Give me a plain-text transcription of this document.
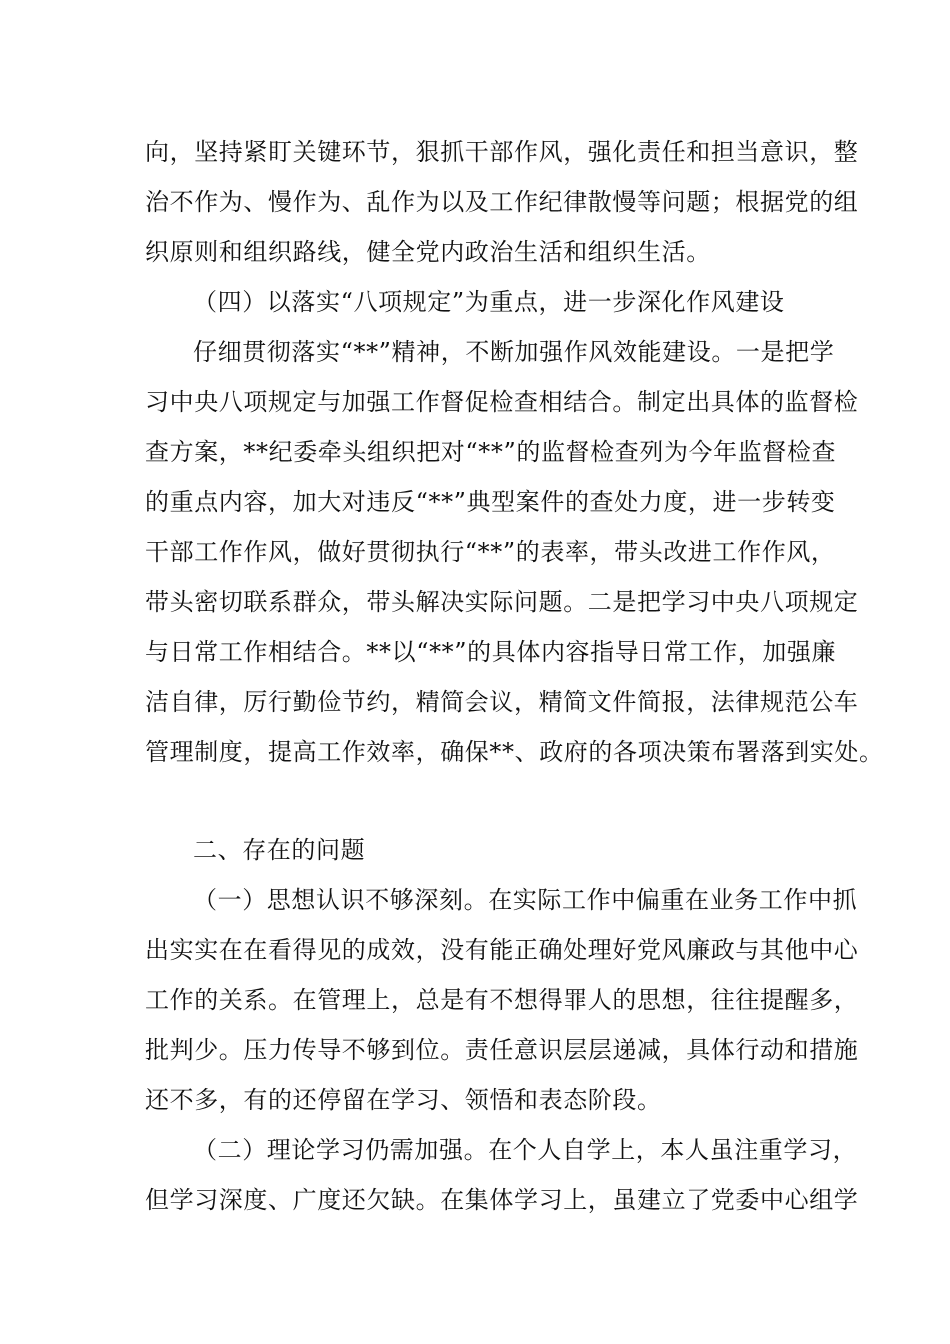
向，坚持紧盯关键环节，狠抓干部作风，强化责任和担当意识，整
治不作为、慢作为、乱作为以及工作纪律散慢等问题；根据党的组
织原则和组织路线，健全党内政治生活和组织生活。
（四）以落实“八项规定”为重点，进一步深化作风建设
仔细贯彻落实“**”精神，不断加强作风效能建设。一是把学
习中央八项规定与加强工作督促检查相结合。制定出具体的监督检
查方案，**纪委牵头组织把对“**”的监督检查列为今年监督检查
的重点内容，加大对违反“**”典型案件的查处力度，进一步转变
干部工作作风，做好贯彻执行“**”的表率，带头改进工作作风，
带头密切联系群众，带头解决实际问题。二是把学习中央八项规定
与日常工作相结合。**以“**”的具体内容指导日常工作，加强廉
洁自律，厉行勤俭节约，精简会议，精简文件简报，法律规范公车
管理制度，提高工作效率，确保**、政府的各项决策布署落到实处。
二、存在的问题
（一）思想认识不够深刻。在实际工作中偏重在业务工作中抓
出实实在在看得见的成效，没有能正确处理好党风廉政与其他中心
工作的关系。在管理上，总是有不想得罪人的思想，往往提醒多，
批判少。压力传导不够到位。责任意识层层递减，具体行动和措施
还不多，有的还停留在学习、领悟和表态阶段。
（二）理论学习仍需加强。在个人自学上，本人虽注重学习，
但学习深度、广度还欠缺。在集体学习上，虽建立了党委中心组学
